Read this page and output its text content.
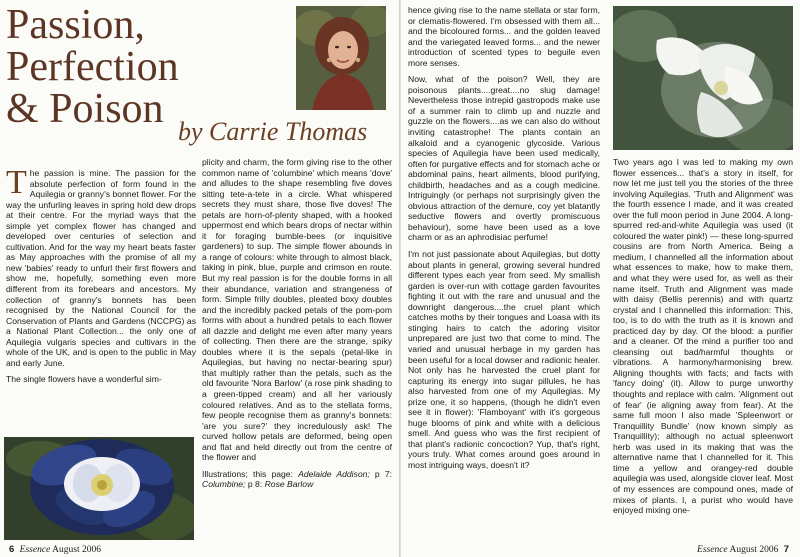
Passion,
Perfection
& Poison by Carrie Thomas

The passion is mine. The passion for the absolute perfection of form found in the Aquilegia or granny's bonnet flower. For the way the unfurling leaves in spring hold dew drops at their centre. For the myriad ways that the simple yet complex flower has changed and developed over centuries of selection and cultivation. And for the way my heart beats faster as May approaches with the promise of all my new 'babies' ready to unfurl their first flowers and show me, hopefully, something even more different from its forebears and ancestors. My collection of granny's bonnets has been recognised by the National Council for the Conservation of Plants and Gardens (NCCPG) as a National Plant Collection... the only one of Aquilegia vulgaris species and cultivars in the whole of the UK, and is open to the public in May and early June.

The single flowers have a wonderful sim-

plicity and charm, the form giving rise to the other common name of 'columbine' which means 'dove' and alludes to the shape resembling five doves sitting tete-a-tete in a circle. What whispered secrets they must share, those five doves! The petals are horn-of-plenty shaped, with a hooked uppermost end which bears drops of nectar within it for foraging bumble-bees (or inquisitive gardeners) to sup. The simple flower abounds in a range of colours: white through to almost black, taking in pink, blue, purple and crimson en route. But my real passion is for the double forms in all their abundance, variation and strangeness of form. Simple frilly doubles, pleated boxy doubles and the incredibly packed petals of the pom-pom forms with about a hundred petals to each flower all dazzle and delight me even after many years of collecting. Then there are the strange, spiky doubles where it is the sepals (petal-like in Aquilegias, but having no nectar-bearing spur) that multiply rather than the petals, such as the old favourite 'Nora Barlow' (a rose pink shading to a green-tipped cream) and all her variously coloured relatives. And as to the stellata forms, few people recognise them as granny's bonnets: 'are you sure?' they incredulously ask! The curved hollow petals are deformed, being open and flat and held directly out from the centre of the flower and

Illustrations; this page: Adelaide Addison; p 7: Columbine; p 8: Rose Barlow

6 Essence August 2006

hence giving rise to the name stellata or star form, or clematis-flowered. I'm obsessed with them all... and the bicoloured forms... and the golden leaved and the variegated leaved forms... and the newer introduction of scented types to beguile even more senses.

Now, what of the poison? Well, they are poisonous plants....great....no slug damage! Nevertheless those intrepid gastropods make use of a summer rain to climb up and nuzzle and guzzle on the flowers....as we can also do without inviting catastrophe! The plants contain an alkaloid and a cyanogenic glycoside. Various species of Aquilegia have been used medically, often for purgative effects and for stomach ache or abdominal pains, heart ailments, blood purifying, childbirth, headaches and as a cough medicine. Intriguingly (or perhaps not surprisingly given the obvious attraction of the demure, coy yet blatantly seductive flowers and overtly promiscuous behaviour), some have been used as a love charm or as an aphrodisiac perfume!

I'm not just passionate about Aquilegias, but dotty about plants in general, growing several hundred different types each year from seed. My smallish garden is over-run with cottage garden favourites fighting it out with the rare and unusual and the downright dangerous....the cruel plant which catches moths by their tongues and Loasa with its stinging hairs to catch the adoring visitor unprepared are just two that come to mind. The varied and unusual herbage in my garden has been useful for a local dowser and radionic healer. Not only has he harvested the cruel plant for capturing its energy into sugar pillules, he has also harvested from one of my Aquilegias. My prize one, it so happens, (though he didn't even see it in flower): 'Flamboyant' with it's gorgeous huge blooms of pink and white with a delicious smell. And guess who was the first recipient of that plant's radionic concoction? Yup, that's right, yours truly. What comes around goes around in most intriguing ways, doesn't it?

Two years ago I was led to making my own flower essences... that's a story in itself, for now let me just tell you the stories of the three involving Aquilegias. 'Truth and Alignment' was the fourth essence I made, and it was created over the full moon period in June 2004. A long-spurred red-and-white Aquilegia was used (it coloured the water pink!) — these long-spurred cousins are from North America. Being a medium, I channelled all the information about what essences to make, how to make them, and what they were used for, as well as their name itself. Truth and Alignment was made with daisy (Bellis perennis) and with quartz crystal and I channelled this information: This, too, is to do with the truth as it is known and practiced day by day. Of the blood: a purifier and a cleaner. Of the mind a purifier too and cleansing out bad/harmful thoughts or vibrations. A harmony/harmonising brew. Aligning thoughts with facts; and facts with 'fancy doing' (it). Allow to purge unworthy thoughts and replace with calm. 'Alignment out of fear' (ie aligning away from fear). At the same full moon I also made 'Spleenwort or Tranquillity Bundle' (now known simply as Tranquillity); although no actual spleenwort herb was used in its making that was the alternative name that I channelled for it. This time a yellow and orangey-red double aquilegia was used, alongside clover leaf. Most of my essences are compound ones, made of mixes of plants. I, a purist who would have enjoyed mixing one-

Essence August 2006 7
